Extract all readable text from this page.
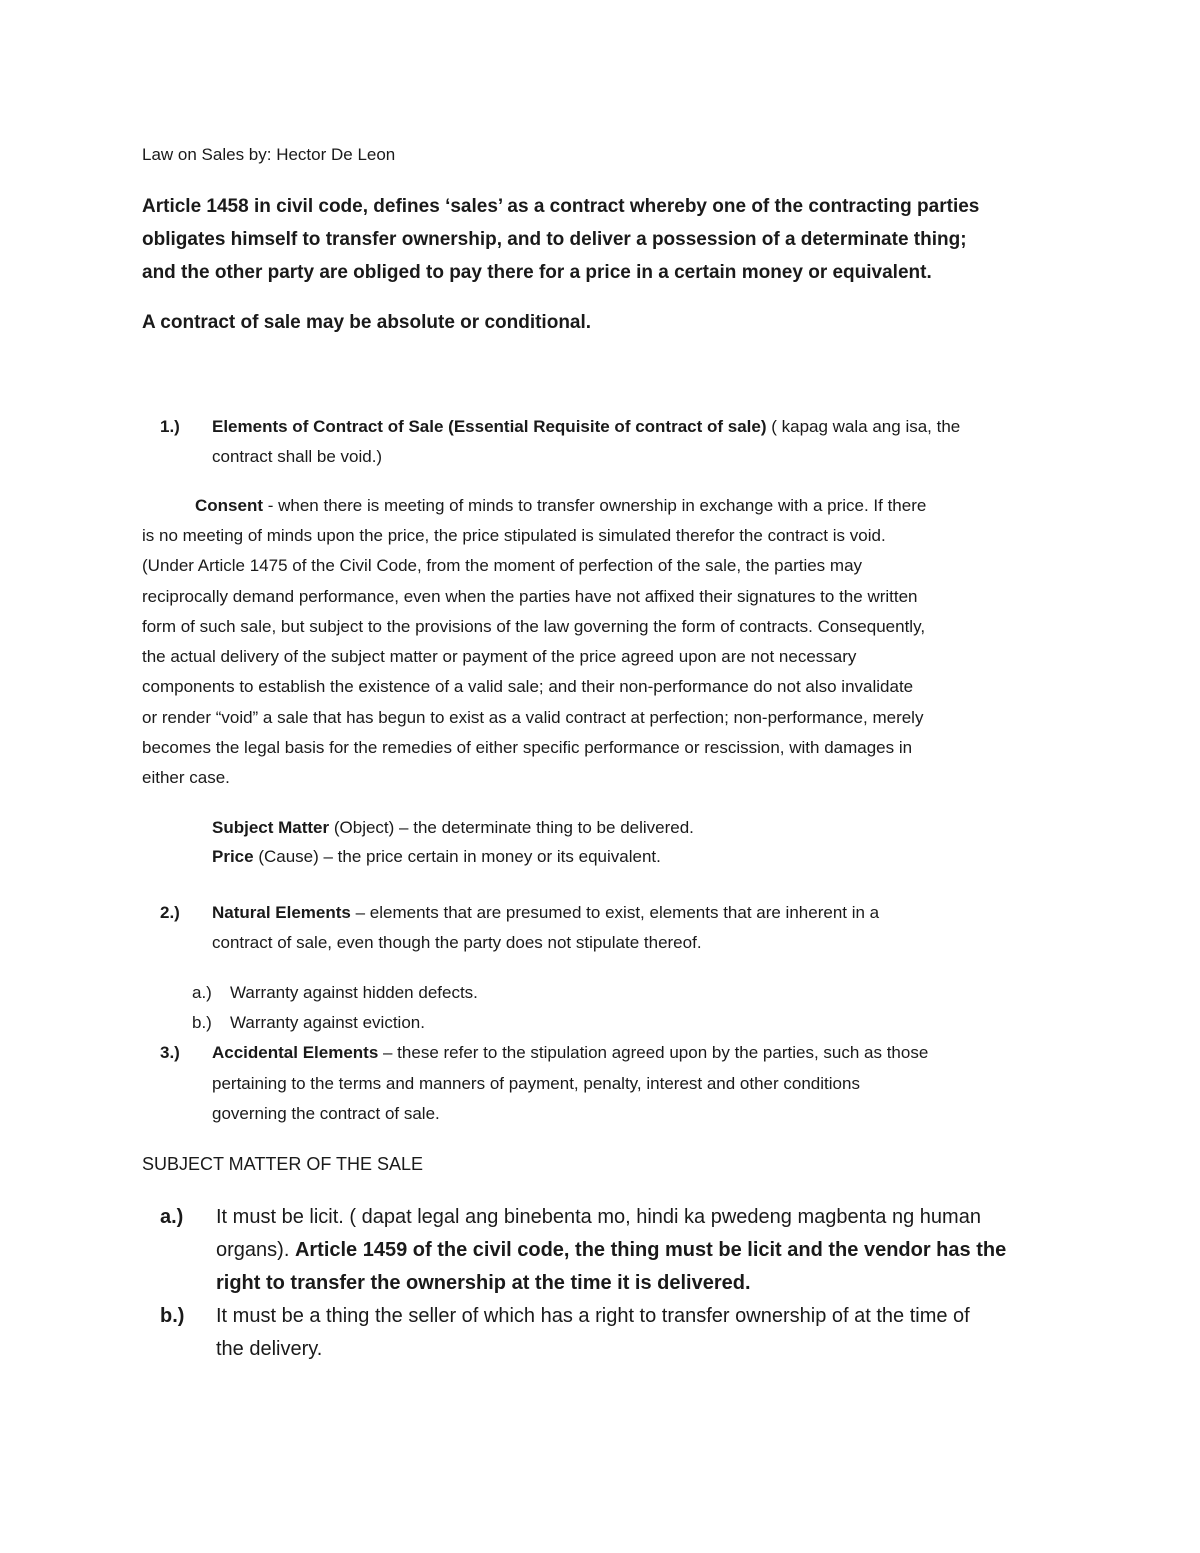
Law on Sales by: Hector De Leon
Article 1458 in civil code, defines ‘sales’ as a contract whereby one of the contracting parties
obligates himself to transfer ownership, and to deliver a possession of a determinate thing;
and the other party are obliged to pay there for a price in a certain money or equivalent.
A contract of sale may be absolute or conditional.
1.) Elements of Contract of Sale (Essential Requisite of contract of sale) ( kapag wala ang isa, the
contract shall be void.)
Consent - when there is meeting of minds to transfer ownership in exchange with a price. If there
is no meeting of minds upon the price, the price stipulated is simulated therefor the contract is void.
(Under Article 1475 of the Civil Code, from the moment of perfection of the sale, the parties may
reciprocally demand performance, even when the parties have not affixed their signatures to the written
form of such sale, but subject to the provisions of the law governing the form of contracts. Consequently,
the actual delivery of the subject matter or payment of the price agreed upon are not necessary
components to establish the existence of a valid sale; and their non-performance do not also invalidate
or render “void” a sale that has begun to exist as a valid contract at perfection; non-performance, merely
becomes the legal basis for the remedies of either specific performance or rescission, with damages in
either case.
Subject Matter (Object) – the determinate thing to be delivered.
Price (Cause) – the price certain in money or its equivalent.
2.) Natural Elements – elements that are presumed to exist, elements that are inherent in a
contract of sale, even though the party does not stipulate thereof.
a.) Warranty against hidden defects.
b.) Warranty against eviction.
3.) Accidental Elements – these refer to the stipulation agreed upon by the parties, such as those
pertaining to the terms and manners of payment, penalty, interest and other conditions
governing the contract of sale.
SUBJECT MATTER OF THE SALE
a.) It must be licit. ( dapat legal ang binebenta mo, hindi ka pwedeng magbenta ng human
organs). Article 1459 of the civil code, the thing must be licit and the vendor has the
right to transfer the ownership at the time it is delivered.
b.) It must be a thing the seller of which has a right to transfer ownership of at the time of
the delivery.
